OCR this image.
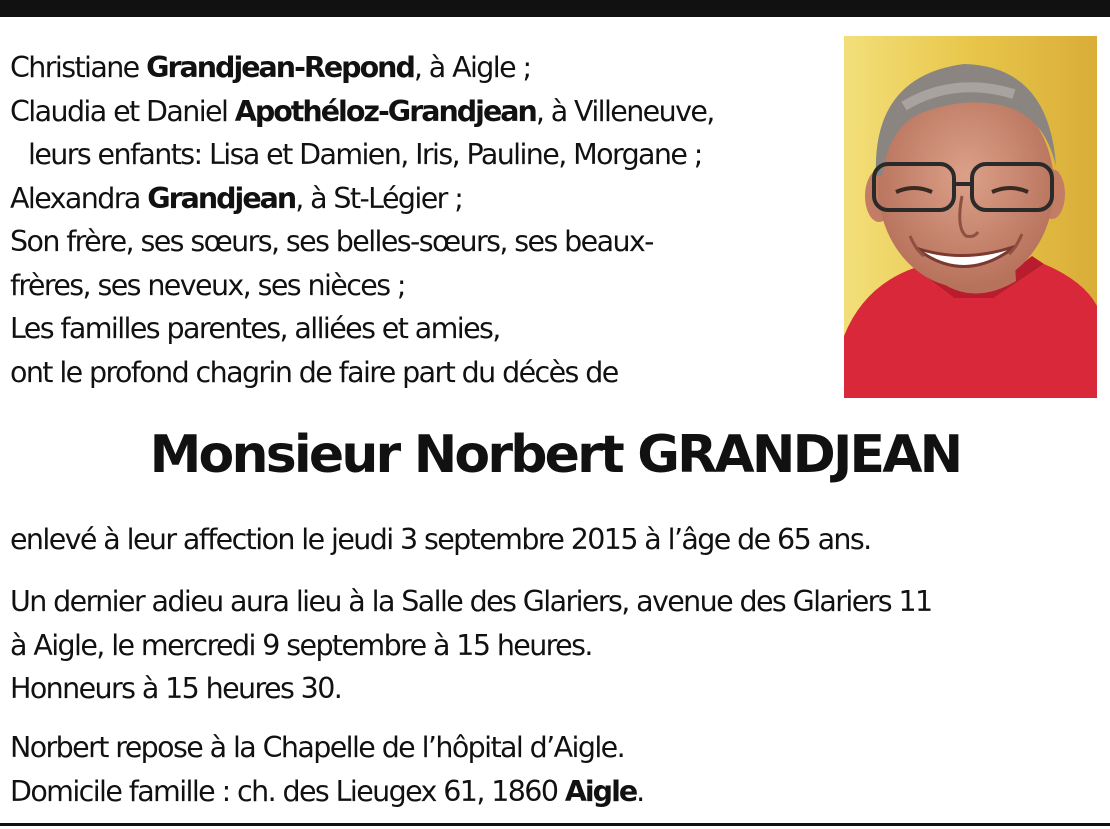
Christiane Grandjean-Repond, à Aigle ;
Claudia et Daniel Apothéloz-Grandjean, à Villeneuve,
leurs enfants: Lisa et Damien, Iris, Pauline, Morgane ;
Alexandra Grandjean, à St-Légier ;
Son frère, ses sœurs, ses belles-sœurs, ses beaux-
frères, ses neveux, ses nièces ;
Les familles parentes, alliées et amies,
ont le profond chagrin de faire part du décès de
Monsieur Norbert GRANDJEAN
enlevé à leur affection le jeudi 3 septembre 2015 à l’âge de 65 ans.
Un dernier adieu aura lieu à la Salle des Glariers, avenue des Glariers 11
à Aigle, le mercredi 9 septembre à 15 heures.
Honneurs à 15 heures 30.
Norbert repose à la Chapelle de l’hôpital d’Aigle.
Domicile famille : ch. des Lieugex 61, 1860 Aigle.
